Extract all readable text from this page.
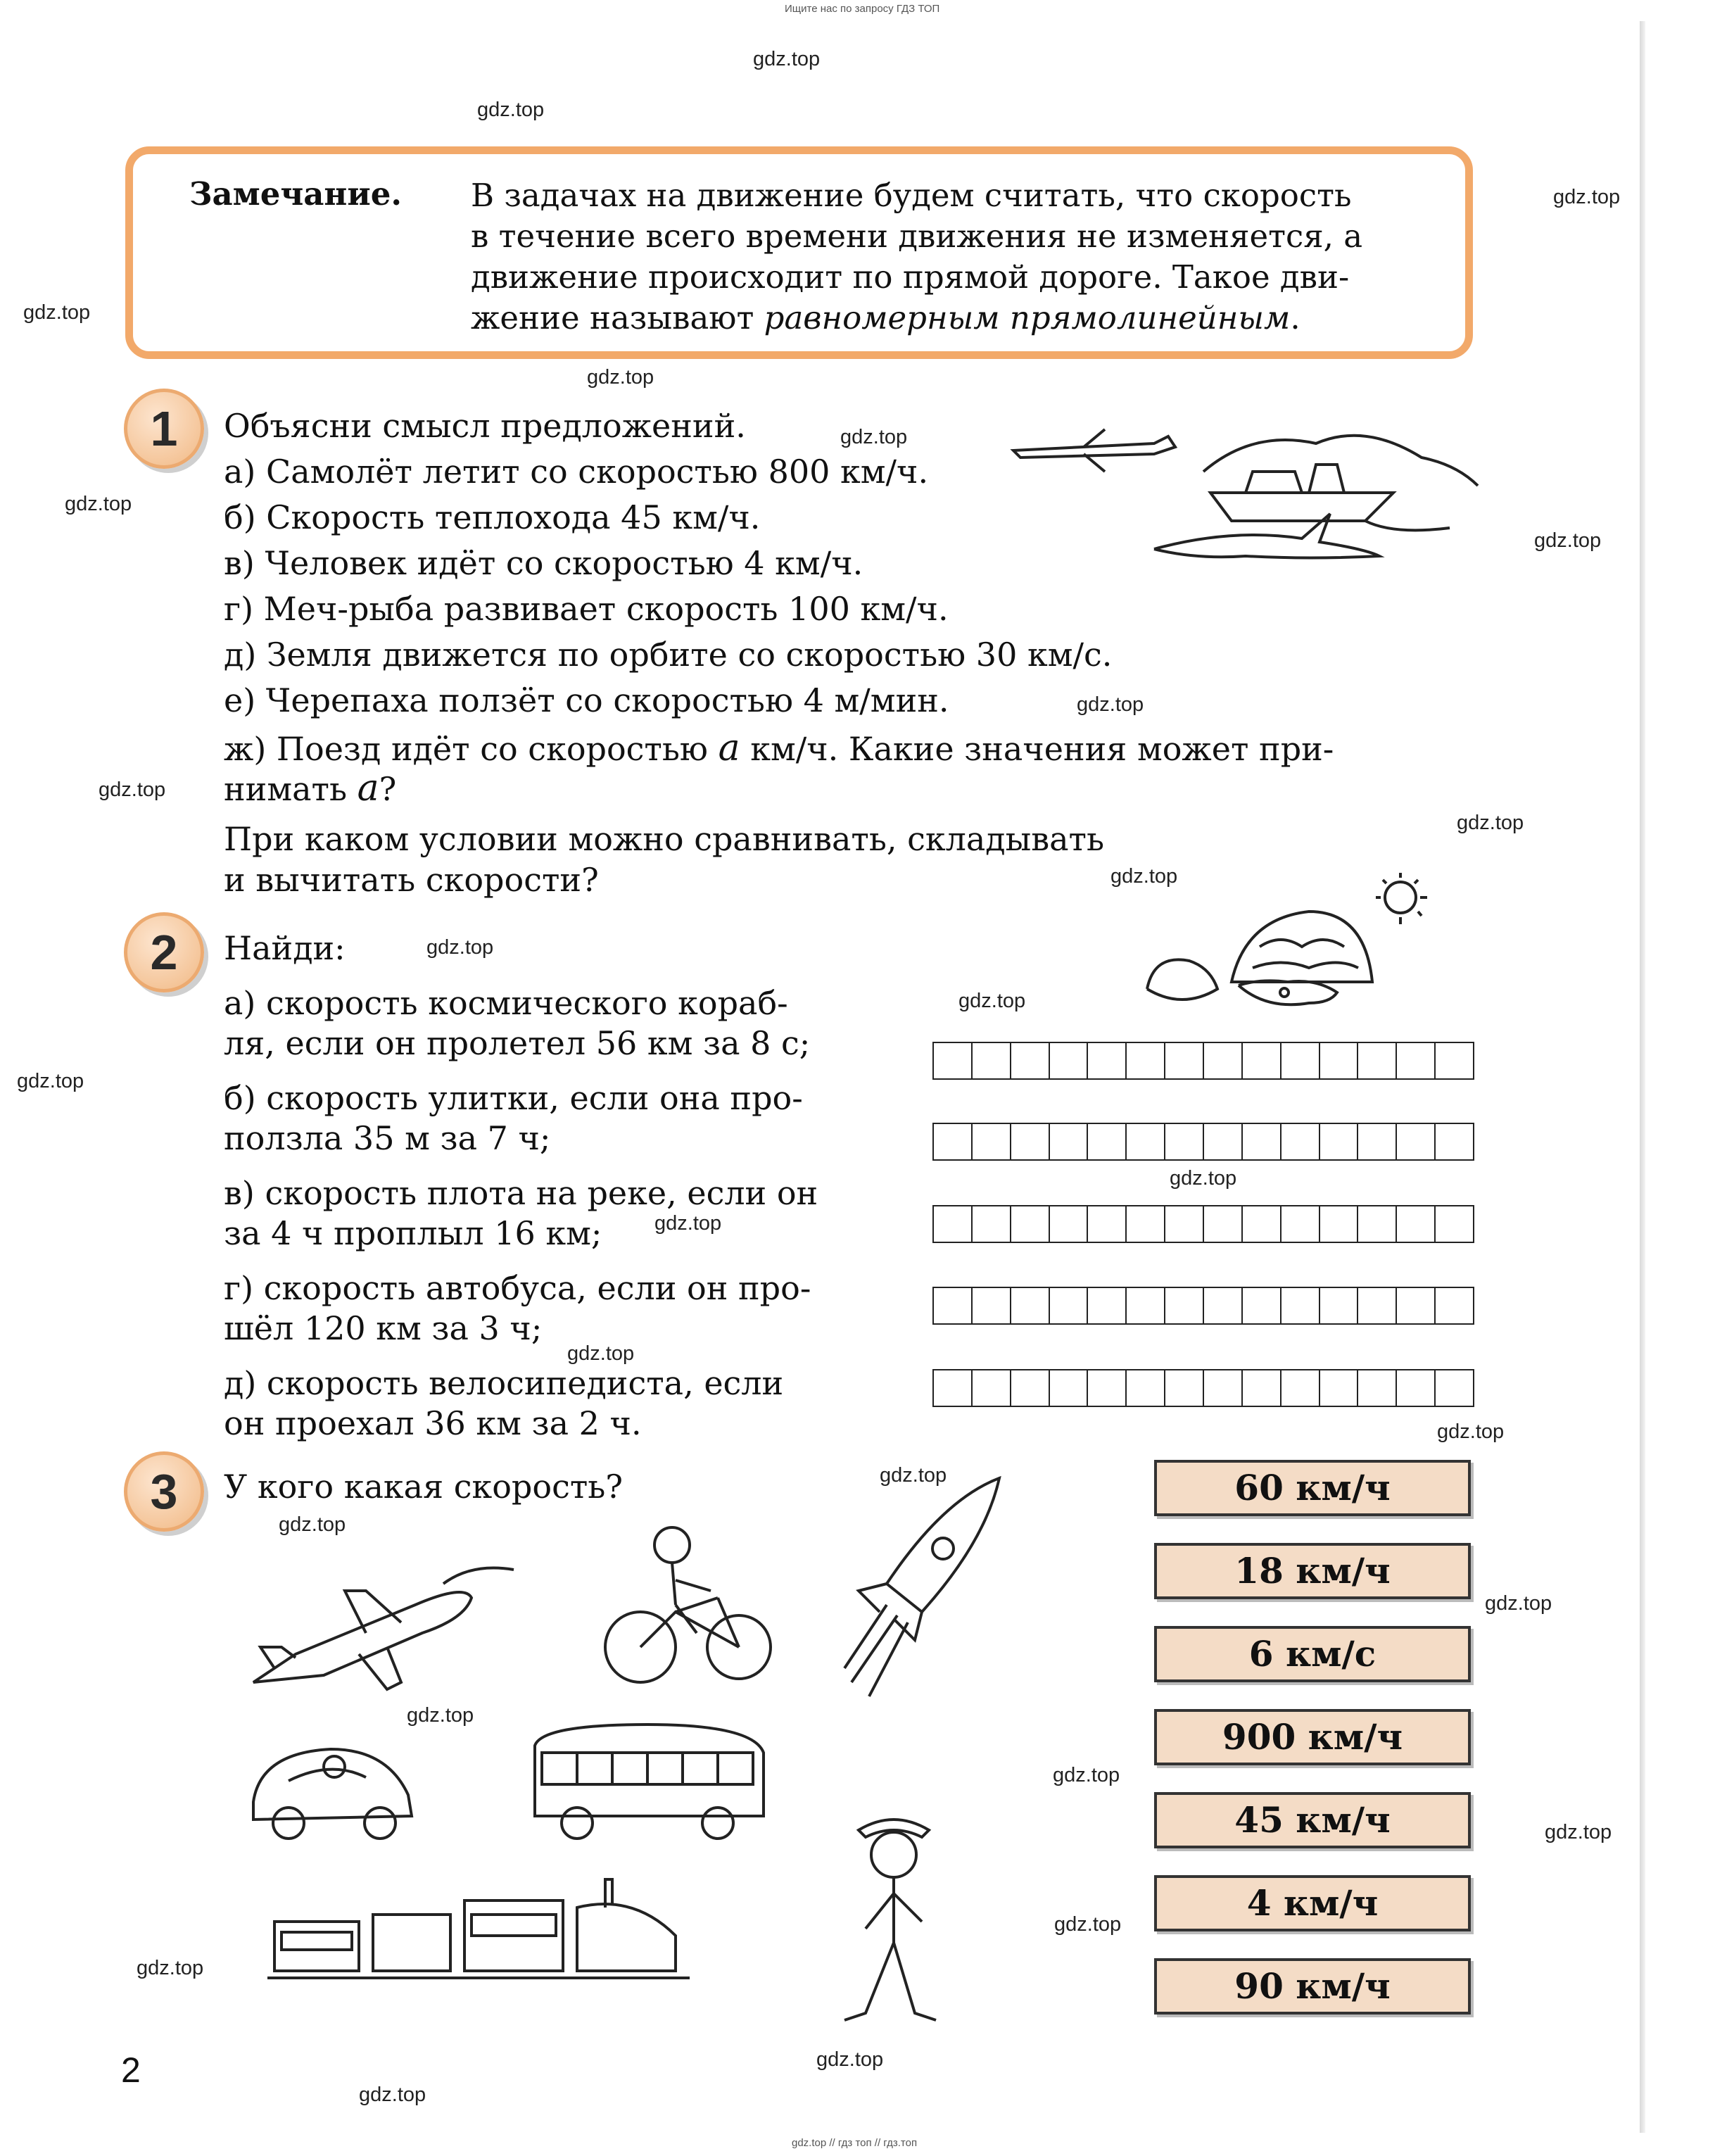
Ищите нас по запросу ГДЗ ТОП
gdz.top
gdz.top
gdz.top
gdz.top
gdz.top
gdz.top
gdz.top
gdz.top
gdz.top
gdz.top
gdz.top
gdz.top
gdz.top
gdz.top
gdz.top
gdz.top
gdz.top
gdz.top
gdz.top
gdz.top
gdz.top
gdz.top
gdz.top
gdz.top
gdz.top
gdz.top
gdz.top
gdz.top
gdz.top
Замечание. В задачах на движение будем считать, что скорость
в течение всего времени движения не изменяется, а
движение происходит по прямой дороге. Такое дви-
жение называют равномерным прямолинейным.
1	Объясни смысл предложений.
а) Самолёт летит со скоростью 800 км/ч.
б) Скорость теплохода 45 км/ч.
в) Человек идёт со скоростью 4 км/ч.
г) Меч-рыба развивает скорость 100 км/ч.
д) Земля движется по орбите со скоростью 30 км/с.
е) Черепаха ползёт со скоростью 4 м/мин.
ж) Поезд идёт со скоростью a км/ч. Какие значения может при-
нимать a?
При каком условии можно сравнивать, складывать
и вычитать скорости?
2	Найди:
а) скорость космического кораб-
ля, если он пролетел 56 км за 8 с;
б) скорость улитки, если она про-
ползла 35 м за 7 ч;
в) скорость плота на реке, если он
за 4 ч проплыл 16 км;
г) скорость автобуса, если он про-
шёл 120 км за 3 ч;
д) скорость велосипедиста, если
он проехал 36 км за 2 ч.
3	У кого какая скорость?	60 км/ч
18 км/ч
6 км/с
900 км/ч
45 км/ч
4 км/ч
90 км/ч
2
gdz.top // гдз топ // гдз.топ
